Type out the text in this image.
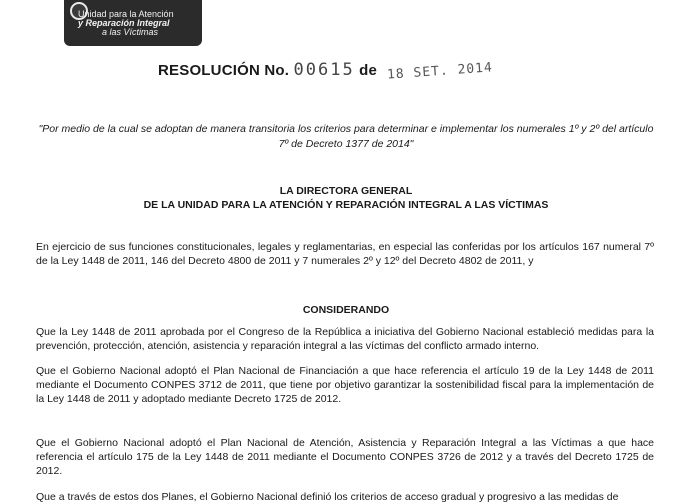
Unidad para la Atención
y Reparación Integral
a las Víctimas
RESOLUCIÓN No. 00615 de 18 SET. 2014
"Por medio de la cual se adoptan de manera transitoria los criterios para determinar e implementar los numerales 1º y 2º del artículo 7º de Decreto 1377 de 2014"
LA DIRECTORA GENERAL
DE LA UNIDAD PARA LA ATENCIÓN Y REPARACIÓN INTEGRAL A LAS VÍCTIMAS
En ejercicio de sus funciones constitucionales, legales y reglamentarias, en especial las conferidas por los artículos 167 numeral 7º de la Ley 1448 de 2011, 146 del Decreto 4800 de 2011 y 7 numerales 2º y 12º del Decreto 4802 de 2011, y
CONSIDERANDO
Que la Ley 1448 de 2011 aprobada por el Congreso de la República a iniciativa del Gobierno Nacional estableció medidas para la prevención, protección, atención, asistencia y reparación integral a las víctimas del conflicto armado interno.
Que el Gobierno Nacional adoptó el Plan Nacional de Financiación a que hace referencia el artículo 19 de la Ley 1448 de 2011 mediante el Documento CONPES 3712 de 2011, que tiene por objetivo garantizar la sostenibilidad fiscal para la implementación de la Ley 1448 de 2011 y adoptado mediante Decreto 1725 de 2012.
Que el Gobierno Nacional adoptó el Plan Nacional de Atención, Asistencia y Reparación Integral a las Víctimas a que hace referencia el artículo 175 de la Ley 1448 de 2011 mediante el Documento CONPES 3726 de 2012 y a través del Decreto 1725 de 2012.
Que a través de estos dos Planes, el Gobierno Nacional definió los criterios de acceso gradual y progresivo a las medidas de
